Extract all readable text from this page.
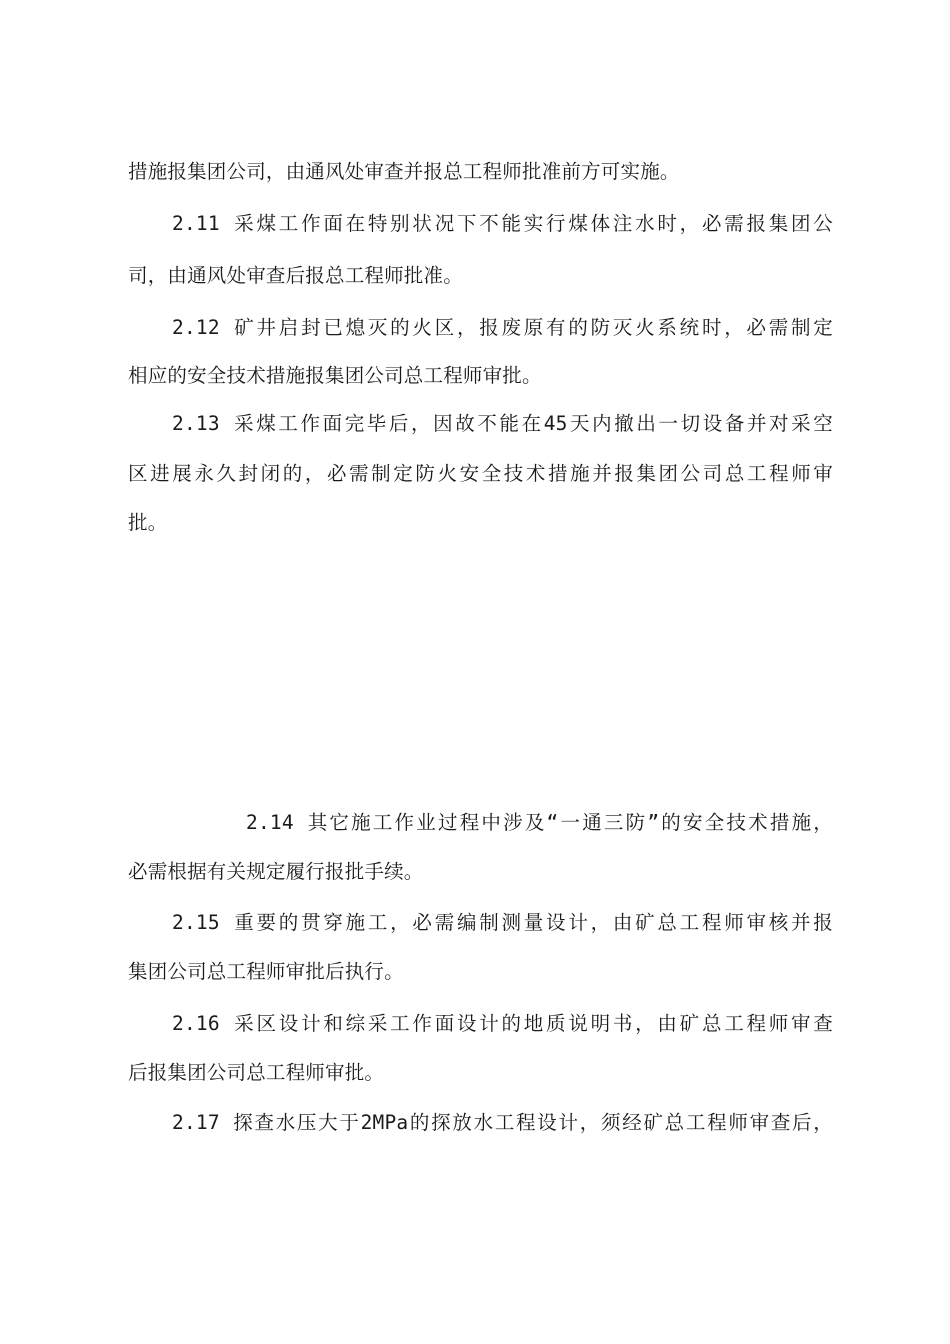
措施报集团公司，由通风处审查并报总工程师批准前方可实施。
2.11 采煤工作面在特别状况下不能实行煤体注水时，必需报集团公
司，由通风处审查后报总工程师批准。
2.12 矿井启封已熄灭的火区，报废原有的防灭火系统时，必需制定
相应的安全技术措施报集团公司总工程师审批。
2.13 采煤工作面完毕后，因故不能在45天内撤出一切设备并对采空
区进展永久封闭的，必需制定防火安全技术措施并报集团公司总工程师审
批。
2.14 其它施工作业过程中涉及“一通三防”的安全技术措施，
必需根据有关规定履行报批手续。
2.15 重要的贯穿施工，必需编制测量设计，由矿总工程师审核并报
集团公司总工程师审批后执行。
2.16 采区设计和综采工作面设计的地质说明书，由矿总工程师审查
后报集团公司总工程师审批。
2.17 探查水压大于2MPa的探放水工程设计，须经矿总工程师审查后，
